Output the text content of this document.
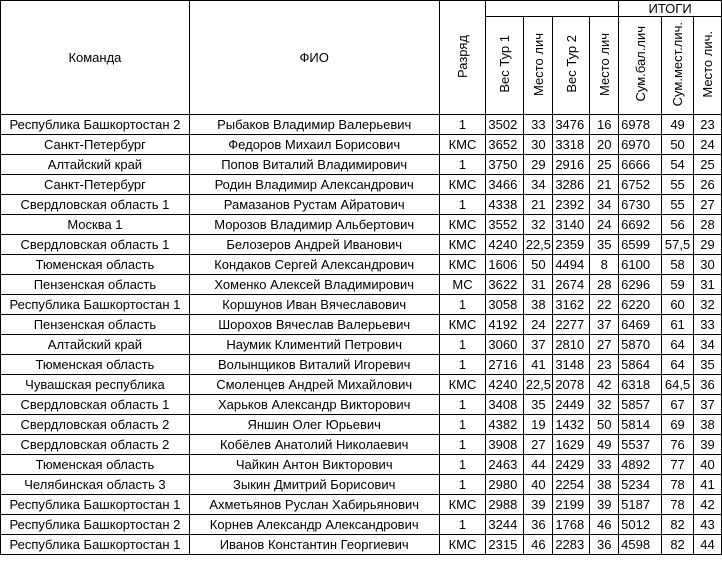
Команда	ФИО	Разряд					ИТОГИ		
			Вес Тур 1	Место лич	Вес Тур 2	Место лич	Сум.бал.лич	Сум.мест.лич.	Место лич.

Республика Башкортостан 2	Рыбаков Владимир Валерьевич	1	3502	33	3476	16	6978	49	23
Санкт-Петербург	Федоров Михаил Борисович	КМС	3652	30	3318	20	6970	50	24
Алтайский край	Попов Виталий Владимирович	1	3750	29	2916	25	6666	54	25
Санкт-Петербург	Родин Владимир Александрович	КМС	3466	34	3286	21	6752	55	26
Свердловская область 1	Рамазанов Рустам Айратович	1	4338	21	2392	34	6730	55	27
Москва 1	Морозов Владимир Альбертович	КМС	3552	32	3140	24	6692	56	28
Свердловская область 1	Белозеров Андрей Иванович	КМС	4240	22,5	2359	35	6599	57,5	29
Тюменская область	Кондаков Сергей Александрович	КМС	1606	50	4494	8	6100	58	30
Пензенская область	Хоменко Алексей Владимирович	МС	3622	31	2674	28	6296	59	31
Республика Башкортостан 1	Коршунов Иван Вячеславович	1	3058	38	3162	22	6220	60	32
Пензенская область	Шорохов Вячеслав Валерьевич	КМС	4192	24	2277	37	6469	61	33
Алтайский край	Наумик Климентий Петрович	1	3060	37	2810	27	5870	64	34
Тюменская область	Волынщиков Виталий Игоревич	1	2716	41	3148	23	5864	64	35
Чувашская республика	Смоленцев Андрей Михайлович	КМС	4240	22,5	2078	42	6318	64,5	36
Свердловская область 1	Харьков Александр Викторович	1	3408	35	2449	32	5857	67	37
Свердловская область 2	Яншин Олег Юрьевич	1	4382	19	1432	50	5814	69	38
Свердловская область 2	Кобёлев Анатолий Николаевич	1	3908	27	1629	49	5537	76	39
Тюменская область	Чайкин Антон Викторович	1	2463	44	2429	33	4892	77	40
Челябинская область 3	Зыкин Дмитрий Борисович	1	2980	40	2254	38	5234	78	41
Республика Башкортостан 1	Ахметьянов Руслан Хабирьянович	КМС	2988	39	2199	39	5187	78	42
Республика Башкортостан 2	Корнев Александр Александрович	1	3244	36	1768	46	5012	82	43
Республика Башкортостан 1	Иванов Константин Георгиевич	КМС	2315	46	2283	36	4598	82	44
